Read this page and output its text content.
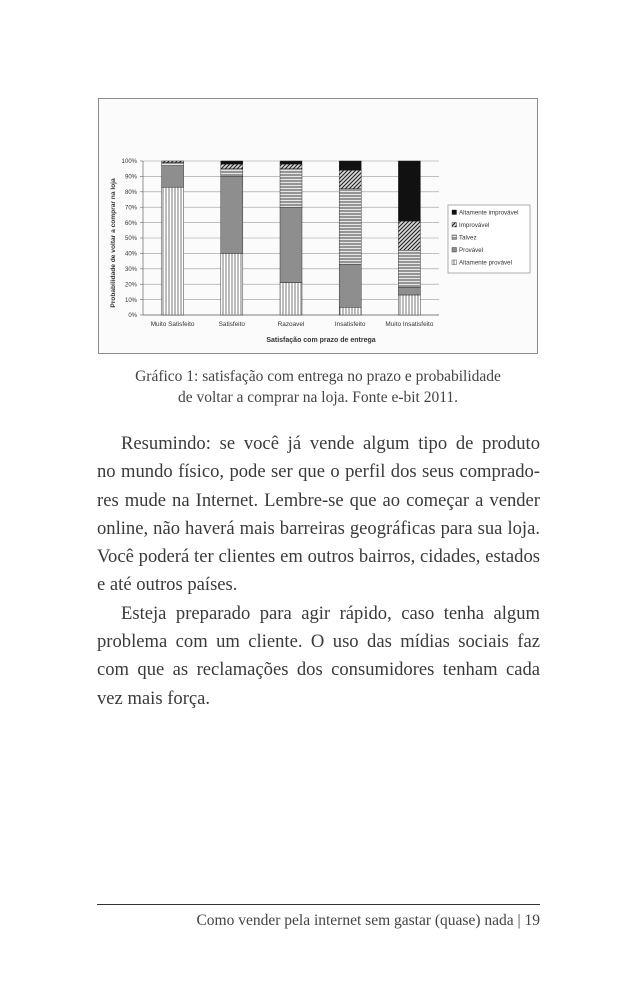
0%
10%
20%
30%
40%
50%
60%
70%
80%
90%
100%
Muito Satisfeito	Satisfeito	Razoavel	Insatisfeito	Muito Insatisfeito
Altamente improvável
Improvável
Talvez
Provável
Altamente provável
Probabilidade de voltar a comprar na loja
Satisfação com prazo de entrega
Gráfico 1: satisfação com entrega no prazo e probabilidade
de voltar a comprar na loja. Fonte e-bit 2011.
Resumindo: se você já vende algum tipo de produto
no mundo físico, pode ser que o perfil dos seus comprado-
res mude na Internet. Lembre-se que ao começar a vender
online, não haverá mais barreiras geográficas para sua loja.
Você poderá ter clientes em outros bairros, cidades, estados
e até outros países.
Esteja preparado para agir rápido, caso tenha algum
problema com um cliente. O uso das mídias sociais faz
com que as reclamações dos consumidores tenham cada
vez mais força.
Como vender pela internet sem gastar (quase) nada | 19
